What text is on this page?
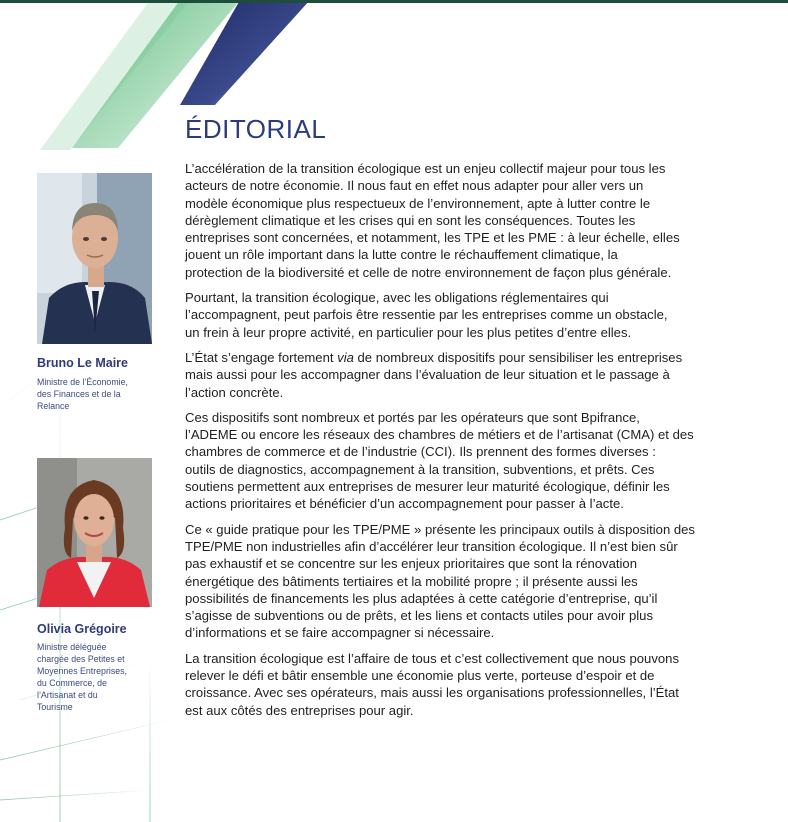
Bruno Le Maire
Ministre de l’Économie,
des Finances et de la
Relance
Olivia Grégoire
Ministre déléguée
chargée des Petites et
Moyennes Entreprises,
du Commerce, de
l’Artisanat et du
Tourisme
ÉDITORIAL

L’accélération de la transition écologique est un enjeu collectif majeur pour tous les
acteurs de notre économie. Il nous faut en effet nous adapter pour aller vers un
modèle économique plus respectueux de l’environnement, apte à lutter contre le
dérèglement climatique et les crises qui en sont les conséquences. Toutes les
entreprises sont concernées, et notamment, les TPE et les PME : à leur échelle, elles
jouent un rôle important dans la lutte contre le réchauffement climatique, la
protection de la biodiversité et celle de notre environnement de façon plus générale.

Pourtant, la transition écologique, avec les obligations réglementaires qui
l’accompagnent, peut parfois être ressentie par les entreprises comme un obstacle,
un frein à leur propre activité, en particulier pour les plus petites d’entre elles.

L’État s’engage fortement via de nombreux dispositifs pour sensibiliser les entreprises
mais aussi pour les accompagner dans l’évaluation de leur situation et le passage à
l’action concrète.

Ces dispositifs sont nombreux et portés par les opérateurs que sont Bpifrance,
l’ADEME ou encore les réseaux des chambres de métiers et de l’artisanat (CMA) et des
chambres de commerce et de l’industrie (CCI). Ils prennent des formes diverses :
outils de diagnostics, accompagnement à la transition, subventions, et prêts. Ces
soutiens permettent aux entreprises de mesurer leur maturité écologique, définir les
actions prioritaires et bénéficier d’un accompagnement pour passer à l’acte.

Ce « guide pratique pour les TPE/PME » présente les principaux outils à disposition des
TPE/PME non industrielles afin d’accélérer leur transition écologique. Il n’est bien sûr
pas exhaustif et se concentre sur les enjeux prioritaires que sont la rénovation
énergétique des bâtiments tertiaires et la mobilité propre ; il présente aussi les
possibilités de financements les plus adaptées à cette catégorie d’entreprise, qu’il
s’agisse de subventions ou de prêts, et les liens et contacts utiles pour avoir plus
d’informations et se faire accompagner si nécessaire.

La transition écologique est l’affaire de tous et c’est collectivement que nous pouvons
relever le défi et bâtir ensemble une économie plus verte, porteuse d’espoir et de
croissance. Avec ses opérateurs, mais aussi les organisations professionnelles, l’État
est aux côtés des entreprises pour agir.
